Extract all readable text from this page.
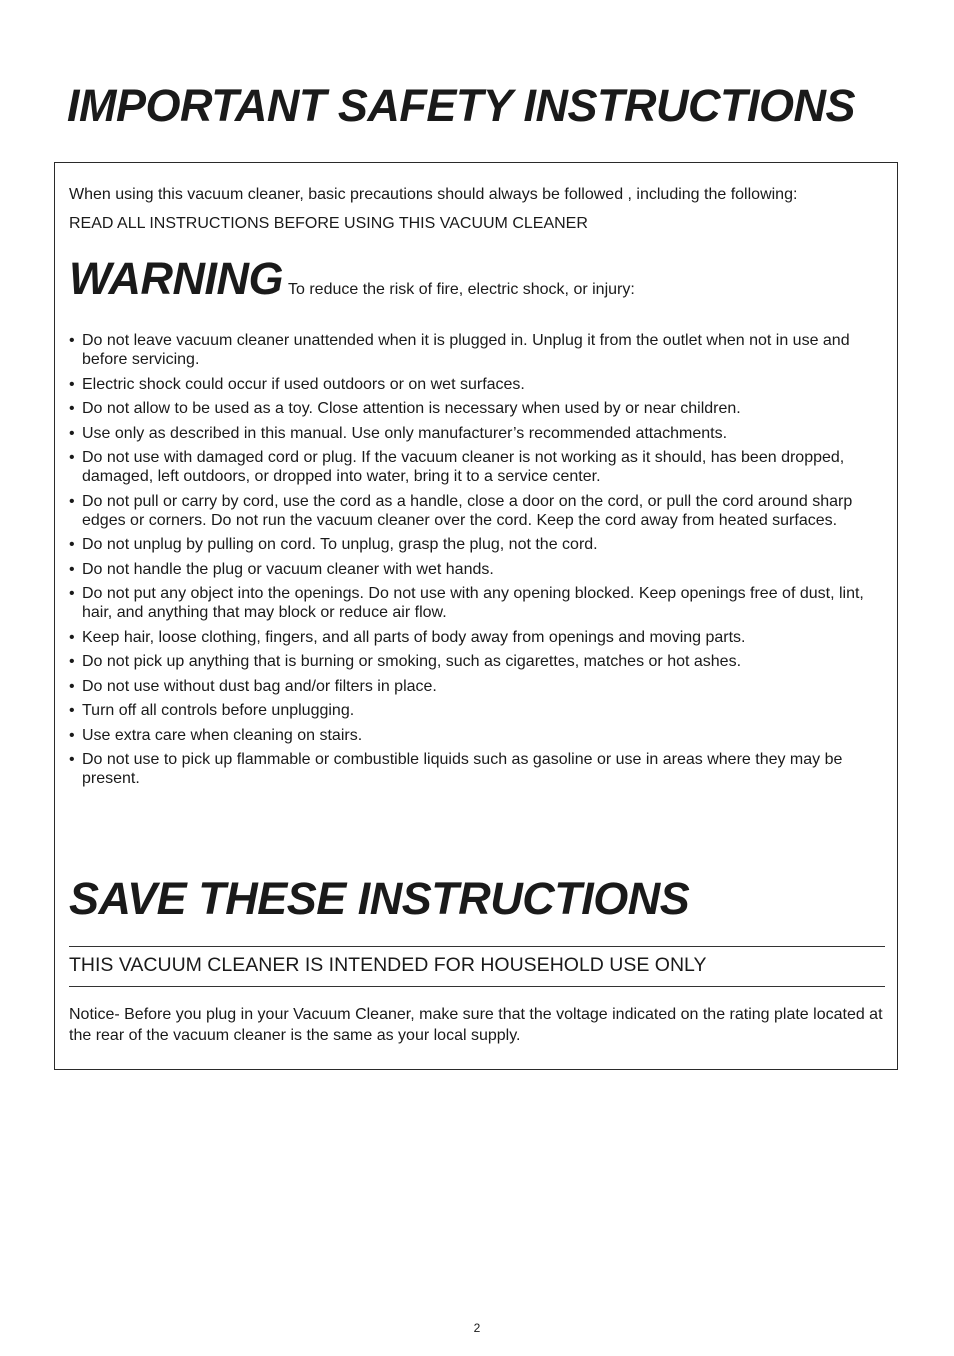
IMPORTANT SAFETY INSTRUCTIONS

When using this vacuum cleaner, basic precautions should always be followed , including the following:

READ ALL INSTRUCTIONS BEFORE USING THIS VACUUM CLEANER

WARNING To reduce the risk of fire, electric shock, or injury:
• Do not leave vacuum cleaner unattended when it is plugged in. Unplug it from the outlet when not in use and before servicing.
• Electric shock could occur if used outdoors or on wet surfaces.
• Do not allow to be used as a toy. Close attention is necessary when used by or near children.
• Use only as described in this manual. Use only manufacturer’s recommended attachments.
• Do not use with damaged cord or plug. If the vacuum cleaner is not working as it should, has been dropped, damaged, left outdoors, or dropped into water, bring it to a service center.
• Do not pull or carry by cord, use the cord as a handle, close a door on the cord, or pull the cord around sharp edges or corners. Do not run the vacuum cleaner over the cord. Keep the cord away from heated surfaces.
• Do not unplug by pulling on cord. To unplug, grasp the plug, not the cord.
• Do not handle the plug or vacuum cleaner with wet hands.
• Do not put any object into the openings. Do not use with any opening blocked. Keep openings free of dust, lint, hair, and anything that may block or reduce air flow.
• Keep hair, loose clothing, fingers, and all parts of body away from openings and moving parts.
• Do not pick up anything that is burning or smoking, such as cigarettes, matches or hot ashes.
• Do not use without dust bag and/or filters in place.
• Turn off all controls before unplugging.
• Use extra care when cleaning on stairs.
• Do not use to pick up flammable or combustible liquids such as gasoline or use in areas where they may be present.
SAVE THESE INSTRUCTIONS

THIS VACUUM CLEANER IS INTENDED FOR HOUSEHOLD USE ONLY

Notice- Before you plug in your Vacuum Cleaner, make sure that the voltage indicated on the rating plate located at the rear of the vacuum cleaner is the same as your local supply.

2
